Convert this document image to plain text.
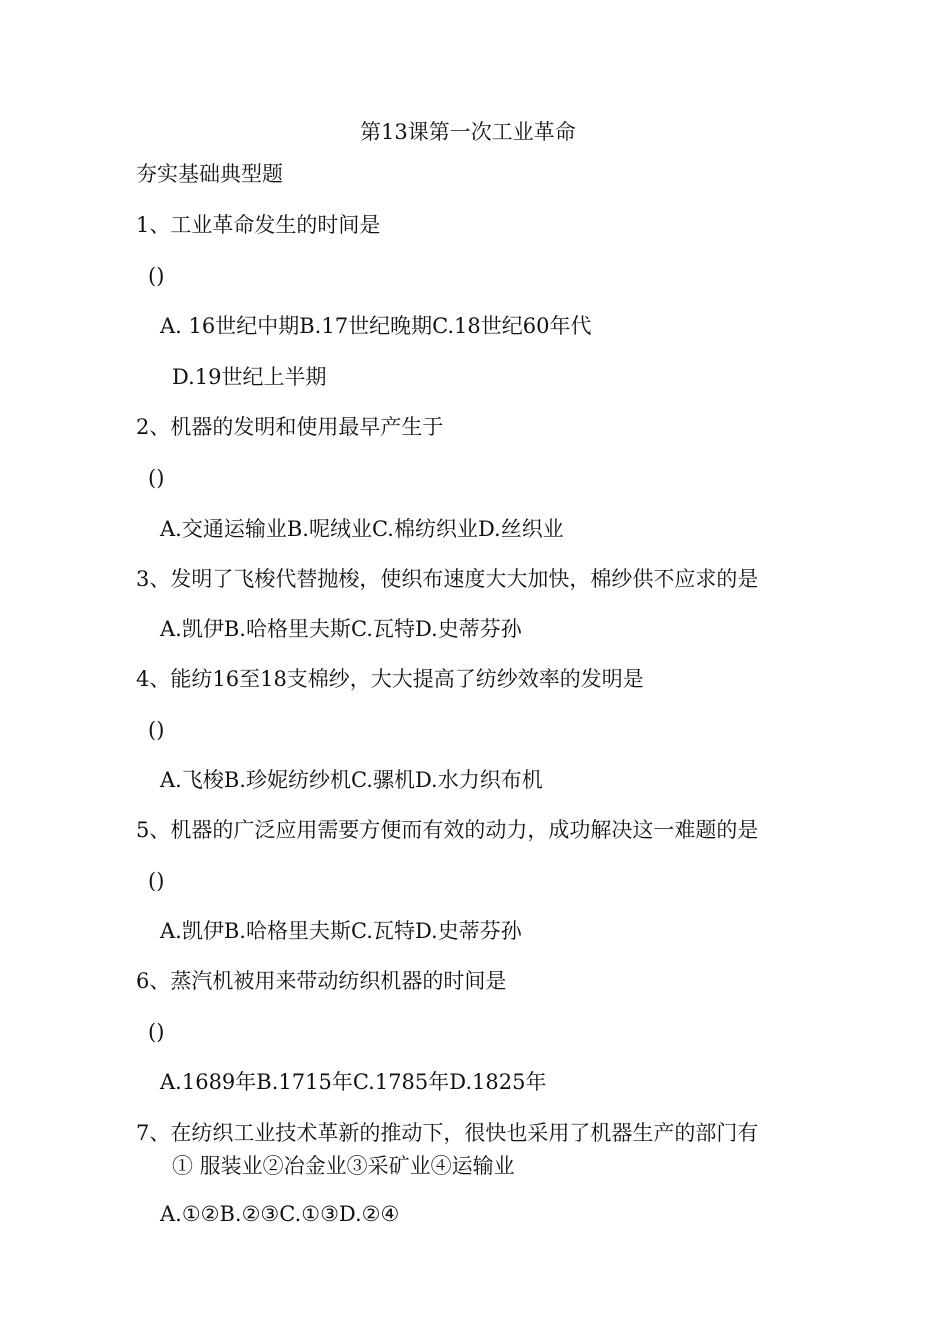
第13课第一次工业革命
夯实基础典型题
1、工业革命发生的时间是
()
A. 16世纪中期B.17世纪晚期C.18世纪60年代
D.19世纪上半期
2、机器的发明和使用最早产生于
()
A.交通运输业B.呢绒业C.棉纺织业D.丝织业
3、发明了飞梭代替抛梭，使织布速度大大加快，棉纱供不应求的是
A.凯伊B.哈格里夫斯C.瓦特D.史蒂芬孙
4、能纺16至18支棉纱，大大提高了纺纱效率的发明是
()
A.飞梭B.珍妮纺纱机C.骡机D.水力织布机
5、机器的广泛应用需要方便而有效的动力，成功解决这一难题的是
()
A.凯伊B.哈格里夫斯C.瓦特D.史蒂芬孙
6、蒸汽机被用来带动纺织机器的时间是
()
A.1689年B.1715年C.1785年D.1825年
7、在纺织工业技术革新的推动下，很快也采用了机器生产的部门有
① 服装业②冶金业③采矿业④运输业
A.①②B.②③C.①③D.②④
